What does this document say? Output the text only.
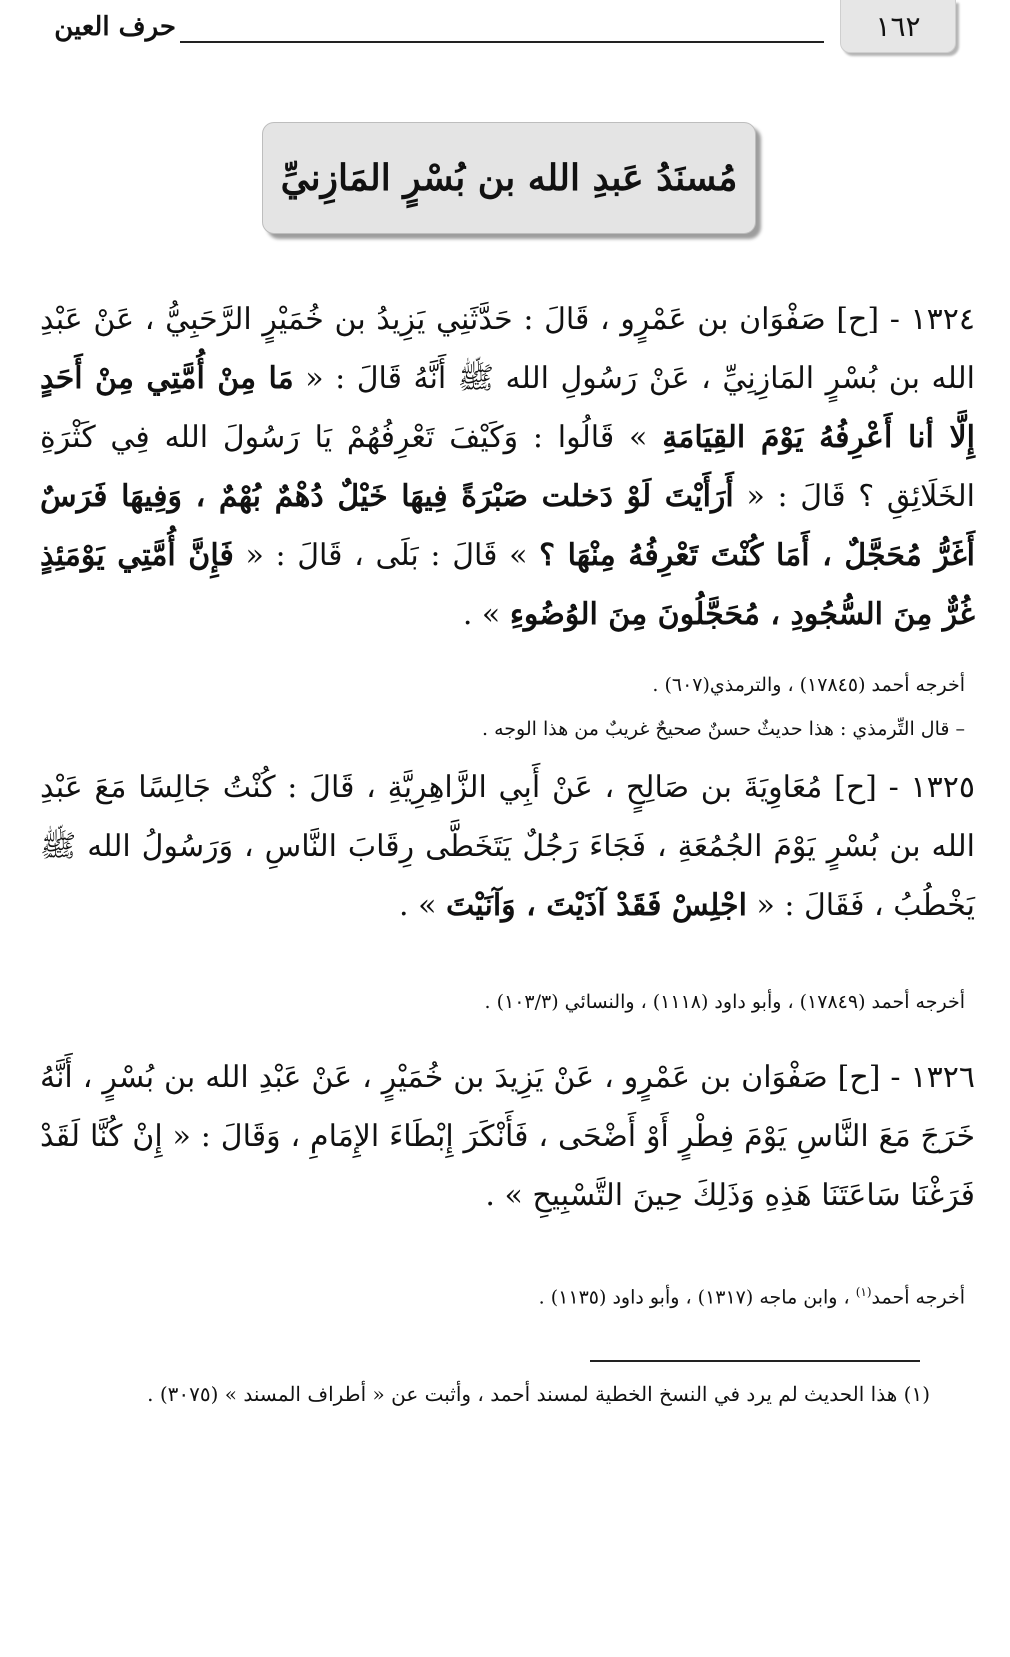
١٦٢
حرف العين
مُسنَدُ عَبدِ الله بن بُسْرٍ المَازِنيِّ

١٣٢٤ - [ح] صَفْوَان بن عَمْرٍو ، قَالَ : حَدَّثَنِي يَزِيدُ بن خُمَيْرٍ الرَّحَبِيُّ ، عَنْ عَبْدِ الله بن بُسْرٍ المَازِنِيِّ ، عَنْ رَسُولِ الله ﷺ أَنَّهُ قَالَ : « مَا مِنْ أُمَّتِي مِنْ أَحَدٍ إِلَّا أنا أَعْرِفُهُ يَوْمَ القِيَامَةِ » قَالُوا : وَكَيْفَ تَعْرِفُهُمْ يَا رَسُولَ الله فِي كَثْرَةِ الخَلَائِقِ ؟ قَالَ : « أَرَأَيْتَ لَوْ دَخلت صَبْرَةً فِيهَا خَيْلٌ دُهْمٌ بُهْمٌ ، وَفِيهَا فَرَسٌ أَغَرُّ مُحَجَّلٌ ، أَمَا كُنْتَ تَعْرِفُهُ مِنْهَا ؟ » قَالَ : بَلَى ، قَالَ : « فَإِنَّ أُمَّتِي يَوْمَئِذٍ غُرٌّ مِنَ السُّجُودِ ، مُحَجَّلُونَ مِنَ الوُضُوءِ » .

أخرجه أحمد (١٧٨٤٥) ، والترمذي(٦٠٧) .

– قال التِّرمذي : هذا حديثٌ حسنٌ صحيحٌ غريبٌ من هذا الوجه .

١٣٢٥ - [ح] مُعَاوِيَةَ بن صَالِحٍ ، عَنْ أَبِي الزَّاهِرِيَّةِ ، قَالَ : كُنْتُ جَالِسًا مَعَ عَبْدِ الله بن بُسْرٍ يَوْمَ الجُمُعَةِ ، فَجَاءَ رَجُلٌ يَتَخَطَّى رِقَابَ النَّاسِ ، وَرَسُولُ الله ﷺ يَخْطُبُ ، فَقَالَ : « اجْلِسْ فَقَدْ آذَيْتَ ، وَآنَيْتَ » .

أخرجه أحمد (١٧٨٤٩) ، وأبو داود (١١١٨) ، والنسائي (١٠٣/٣) .

١٣٢٦ - [ح] صَفْوَان بن عَمْرٍو ، عَنْ يَزِيدَ بن خُمَيْرٍ ، عَنْ عَبْدِ الله بن بُسْرٍ ، أَنَّهُ خَرَجَ مَعَ النَّاسِ يَوْمَ فِطْرٍ أَوْ أَضْحَى ، فَأَنْكَرَ إِبْطَاءَ الإِمَامِ ، وَقَالَ : « إِنْ كُنَّا لَقَدْ فَرَغْنَا سَاعَتَنَا هَذِهِ وَذَلِكَ حِينَ التَّسْبِيحِ » .

أخرجه أحمد$^{(١)}$ ، وابن ماجه (١٣١٧) ، وأبو داود (١١٣٥) .

(١) هذا الحديث لم يرد في النسخ الخطية لمسند أحمد ، وأثبت عن « أطراف المسند » (٣٠٧٥) .
